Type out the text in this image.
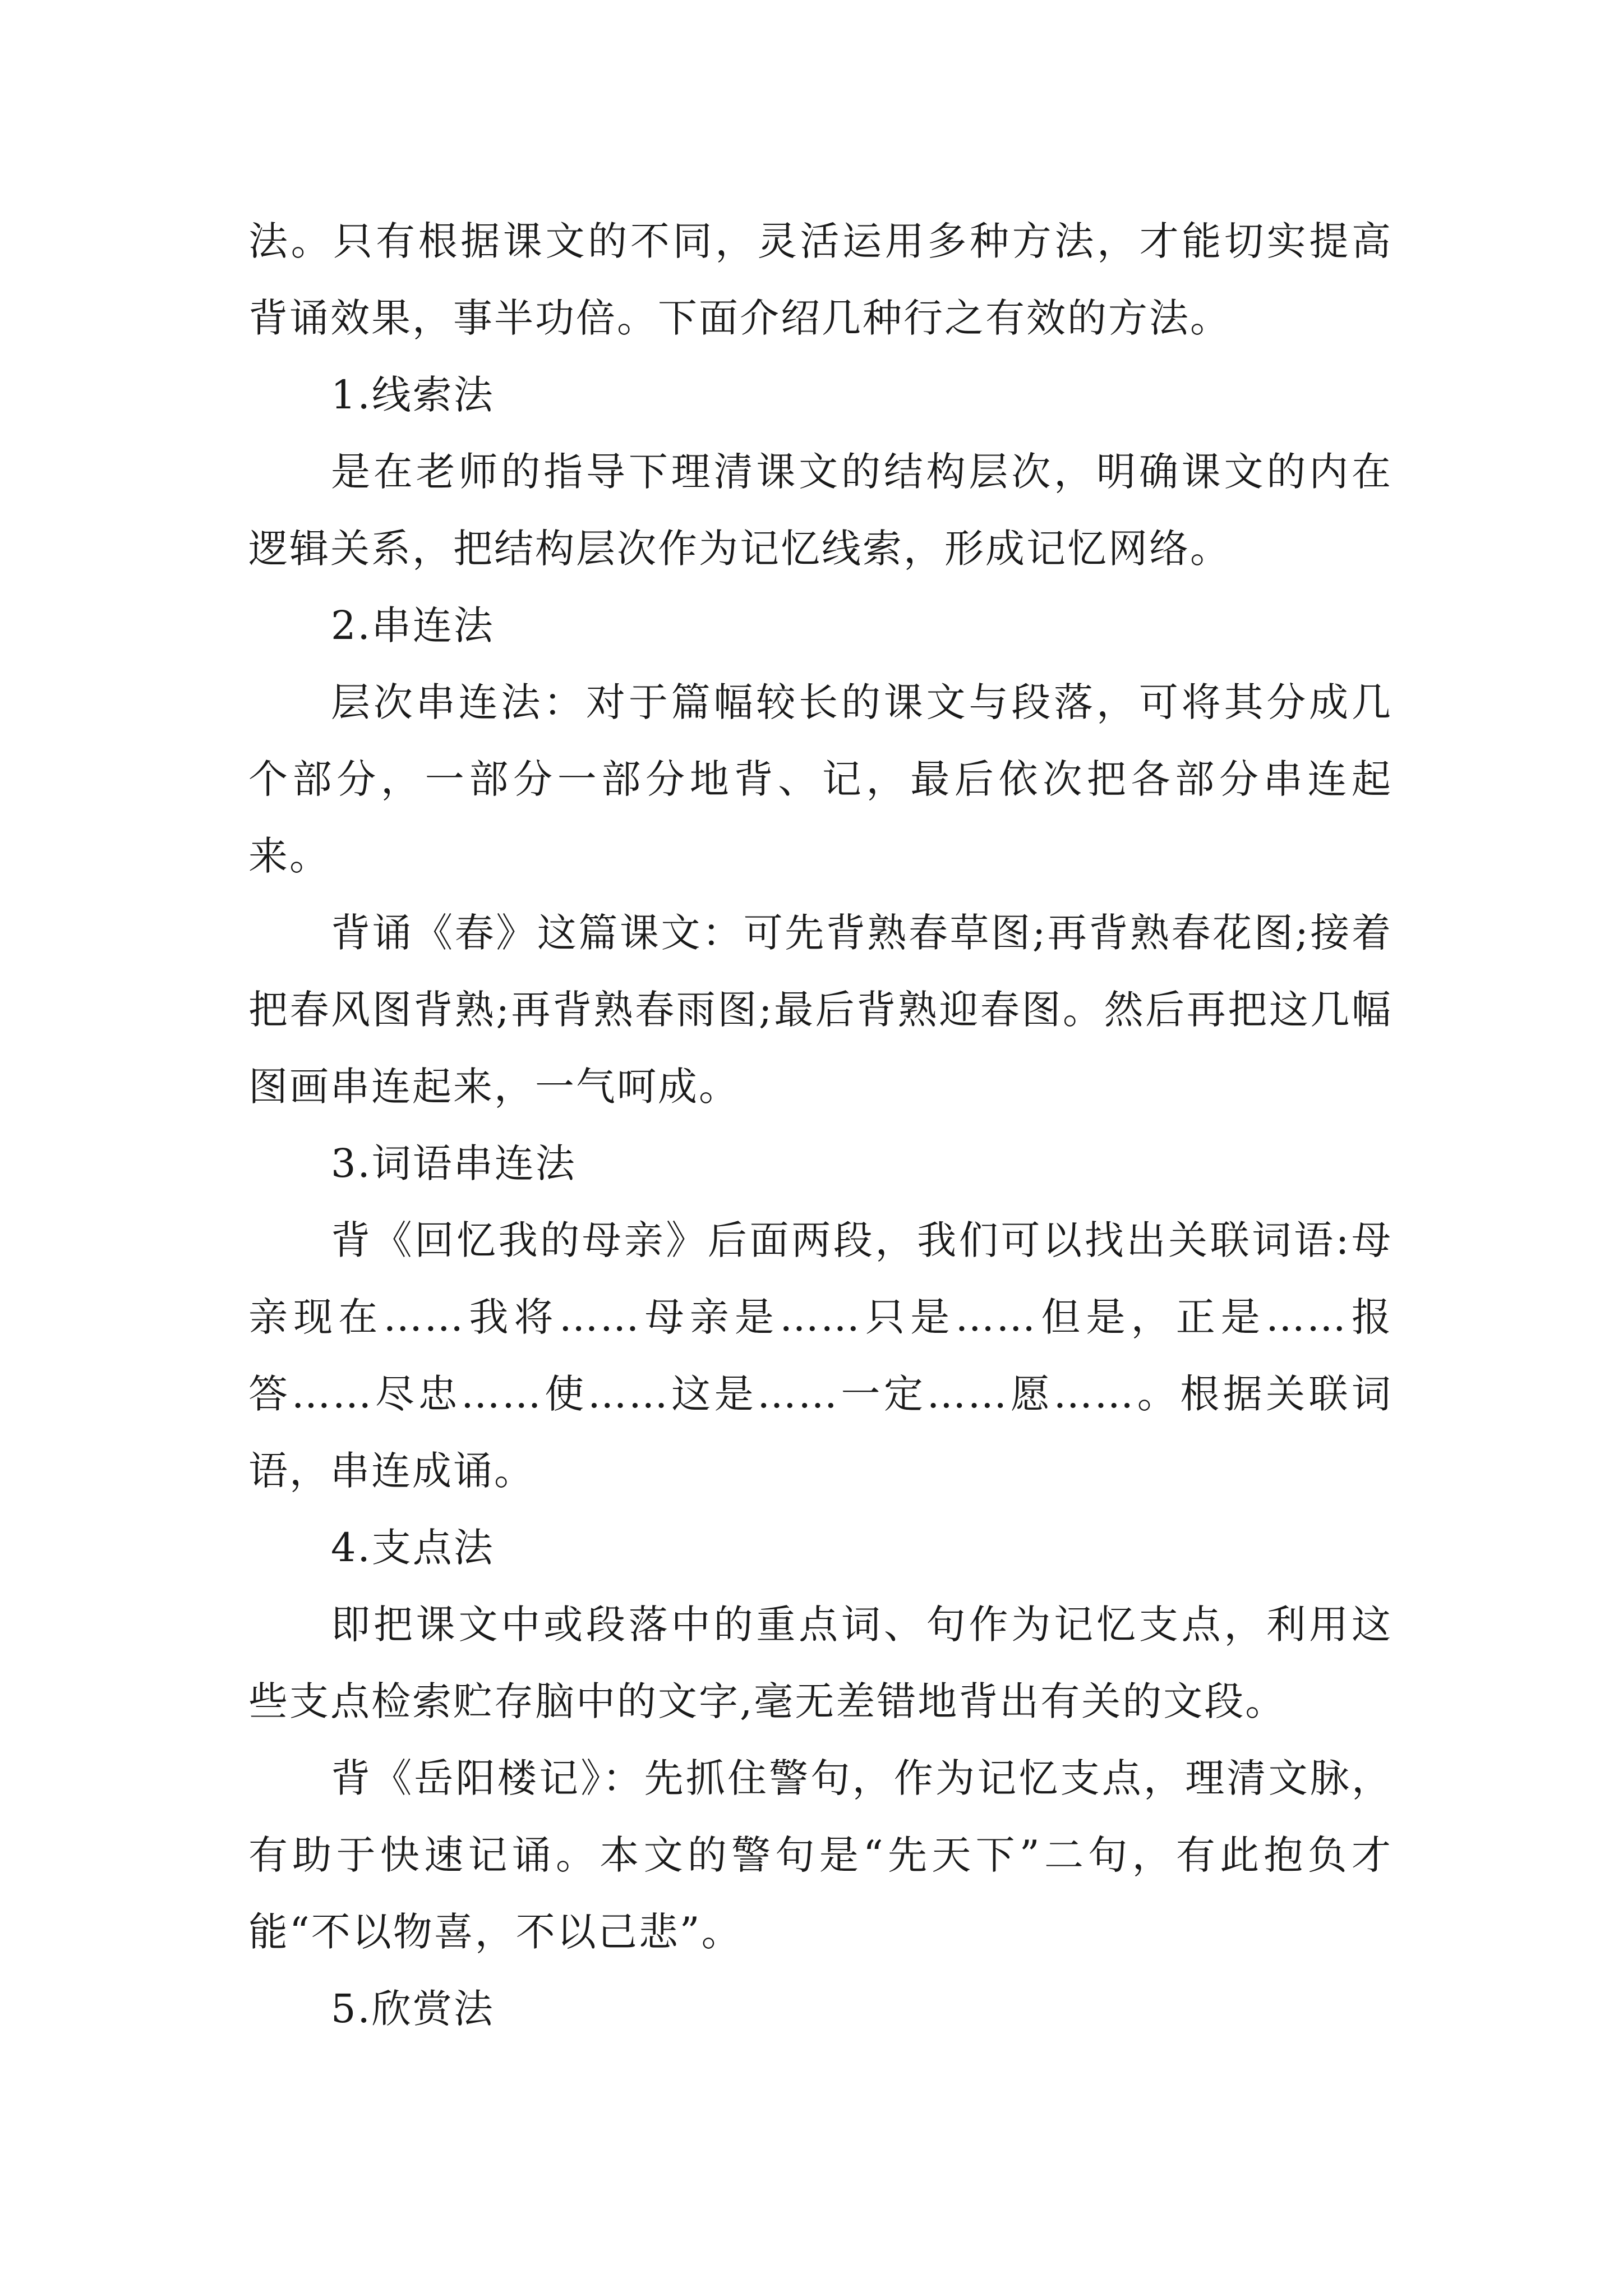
法。只有根据课文的不同，灵活运用多种方法，才能切实提高背诵效果，事半功倍。下面介绍几种行之有效的方法。

1.线索法

是在老师的指导下理清课文的结构层次，明确课文的内在逻辑关系，把结构层次作为记忆线索，形成记忆网络。

2.串连法

层次串连法：对于篇幅较长的课文与段落，可将其分成几个部分，一部分一部分地背、记，最后依次把各部分串连起来。

背诵《春》这篇课文：可先背熟春草图;再背熟春花图;接着把春风图背熟;再背熟春雨图;最后背熟迎春图。然后再把这几幅图画串连起来，一气呵成。

3.词语串连法

背《回忆我的母亲》后面两段，我们可以找出关联词语:母亲现在……我将……母亲是……只是……但是，正是……报答……尽忠……使……这是……一定……愿……。根据关联词语，串连成诵。

4.支点法

即把课文中或段落中的重点词、句作为记忆支点，利用这些支点检索贮存脑中的文字,毫无差错地背出有关的文段。

背《岳阳楼记》：先抓住警句，作为记忆支点，理清文脉，有助于快速记诵。本文的警句是“先天下”二句，有此抱负才能“不以物喜，不以己悲”。

5.欣赏法
